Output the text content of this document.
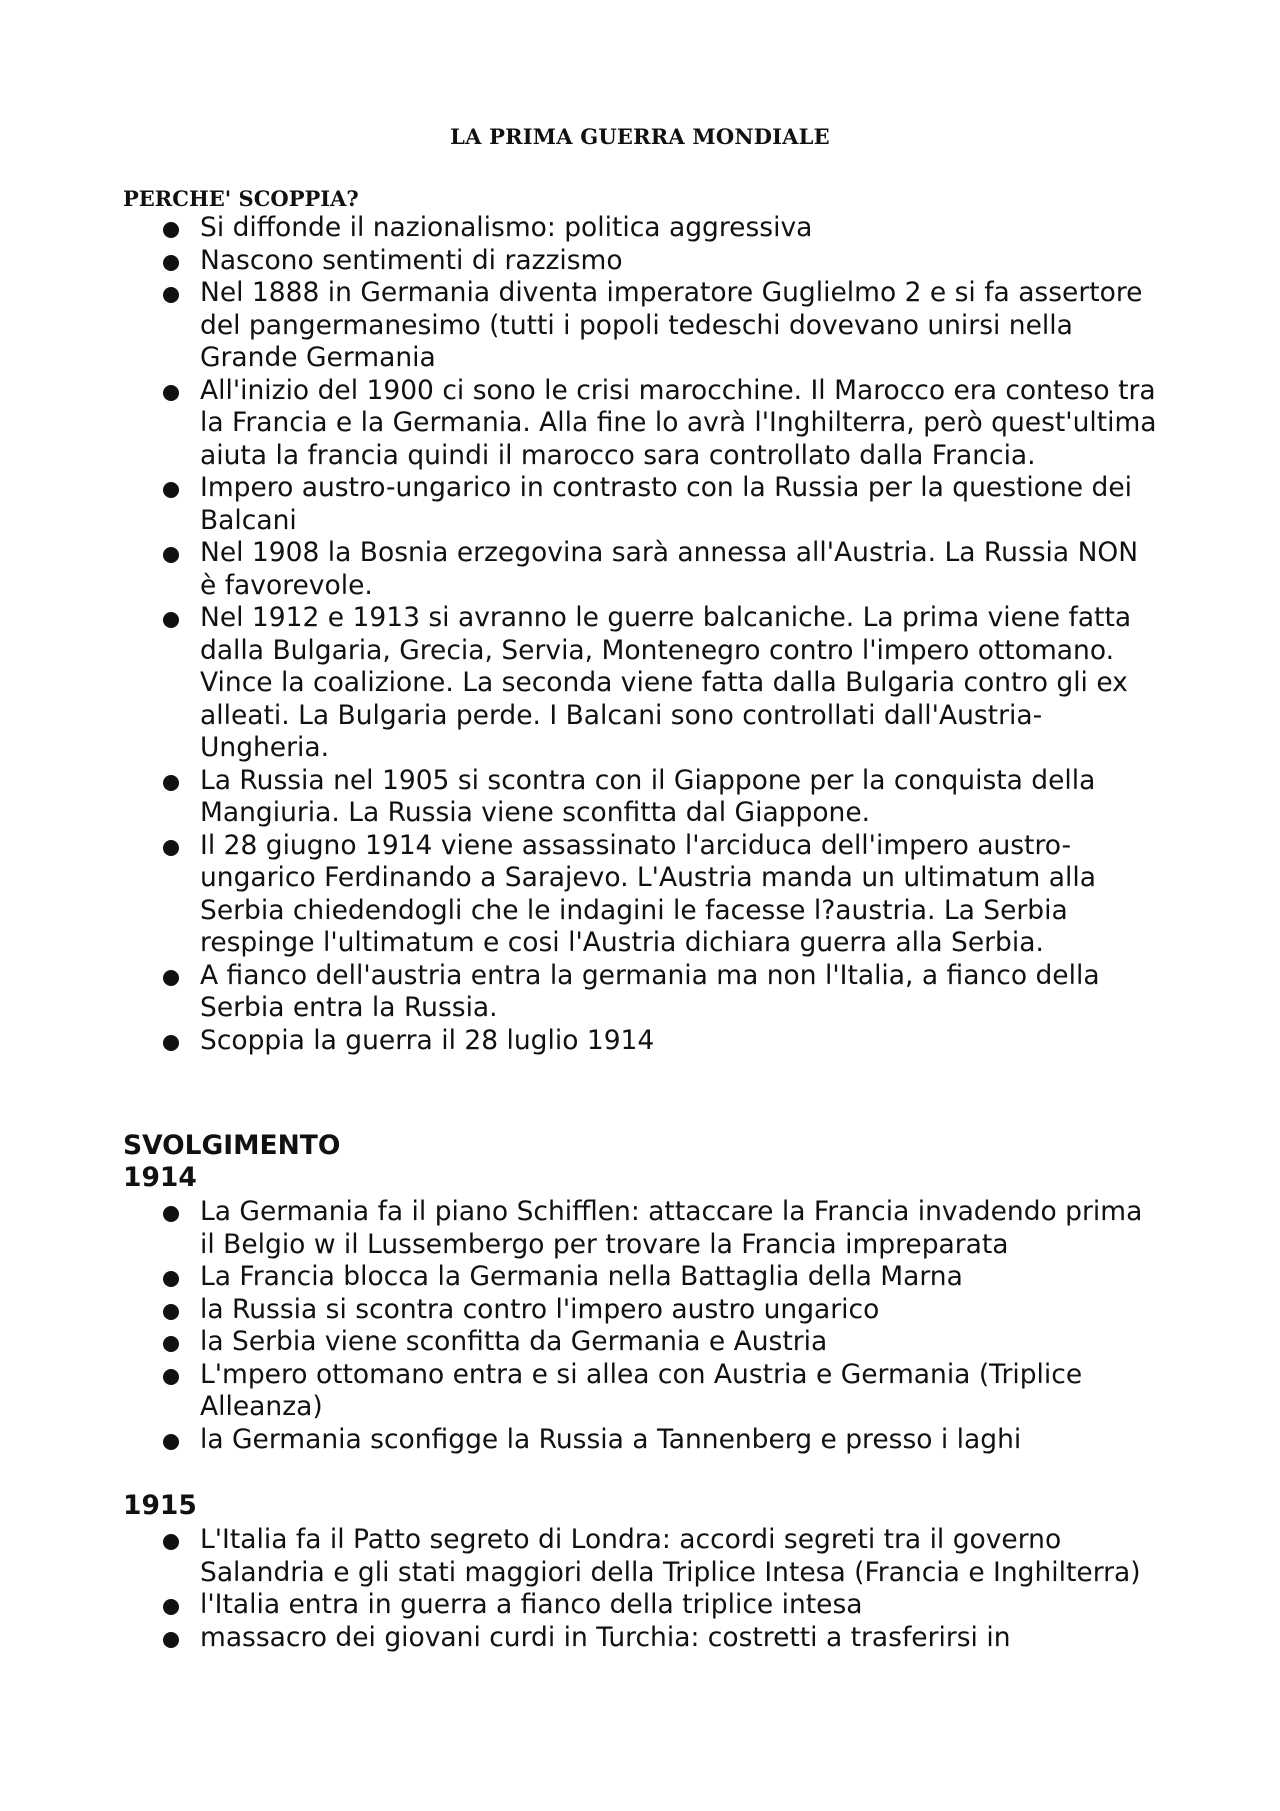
LA PRIMA GUERRA MONDIALE
PERCHE' SCOPPIA?
Si diffonde il nazionalismo: politica aggressiva
Nascono sentimenti di razzismo
Nel 1888 in Germania diventa imperatore Guglielmo 2 e si fa assertore del pangermanesimo (tutti i popoli tedeschi dovevano unirsi nella Grande Germania
All'inizio del 1900 ci sono le crisi marocchine. Il Marocco era conteso tra la Francia e la Germania. Alla fine lo avrà l'Inghilterra, però quest'ultima aiuta la francia quindi il marocco sara controllato dalla Francia.
Impero austro-ungarico in contrasto con la Russia per la questione dei Balcani
Nel 1908 la Bosnia erzegovina sarà annessa all'Austria. La Russia NON è favorevole.
Nel 1912 e 1913 si avranno le guerre balcaniche. La prima viene fatta dalla Bulgaria, Grecia, Servia, Montenegro contro l'impero ottomano. Vince la coalizione. La seconda viene fatta dalla Bulgaria contro gli ex alleati. La Bulgaria perde. I Balcani sono controllati dall'Austria-Ungheria.
La Russia nel 1905 si scontra con il Giappone per la conquista della Mangiuria. La Russia viene sconfitta dal Giappone.
Il 28 giugno 1914 viene assassinato l'arciduca dell'impero austro-ungarico Ferdinando a Sarajevo. L'Austria manda un ultimatum alla Serbia chiedendogli che le indagini le facesse l?austria. La Serbia respinge l'ultimatum e cosi l'Austria dichiara guerra alla Serbia.
A fianco dell'austria entra la germania ma non l'Italia, a fianco della Serbia entra la Russia.
Scoppia la guerra il 28 luglio 1914
SVOLGIMENTO
1914
La Germania fa il piano Schifflen: attaccare la Francia invadendo prima il Belgio w il Lussembergo per trovare la Francia impreparata
La Francia blocca la Germania nella Battaglia della Marna
la Russia si scontra contro l'impero austro ungarico
la Serbia viene sconfitta da Germania e Austria
L'mpero ottomano entra e si allea con Austria e Germania (Triplice Alleanza)
la Germania sconfigge la Russia a Tannenberg e presso i laghi
1915
L'Italia fa il Patto segreto di Londra: accordi segreti tra il governo Salandria e gli stati maggiori della Triplice Intesa (Francia e Inghilterra)
l'Italia entra in guerra a fianco della triplice intesa
massacro dei giovani curdi in Turchia: costretti a trasferirsi in
